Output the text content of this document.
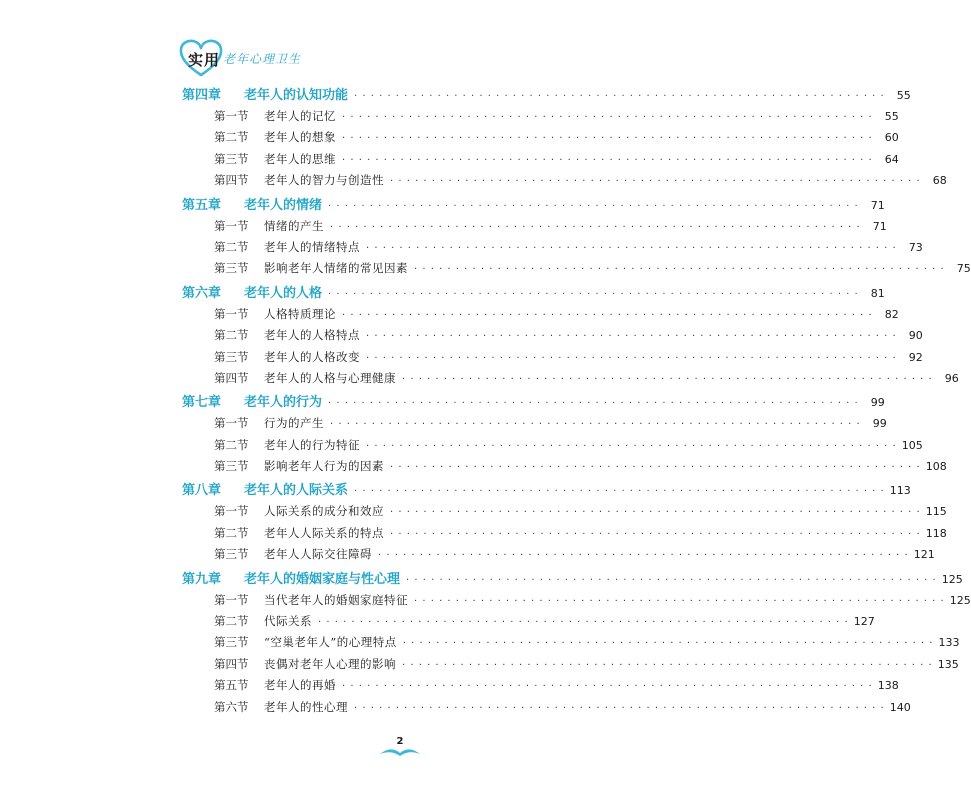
实用 老年心理卫生
第四章	老年人的认知功能 · · · · · · · · · · · · · · · · · · · · · · · · · · · · · · · · · · · · · · · · · · · · · · · · · · · · · · · · · · · · · · · ·	55
第一节	老年人的记忆 · · · · · · · · · · · · · · · · · · · · · · · · · · · · · · · · · · · · · · · · · · · · · · · · · · · · · · · · · · · · · · · ·	55
第二节	老年人的想象 · · · · · · · · · · · · · · · · · · · · · · · · · · · · · · · · · · · · · · · · · · · · · · · · · · · · · · · · · · · · · · · ·	60
第三节	老年人的思维 · · · · · · · · · · · · · · · · · · · · · · · · · · · · · · · · · · · · · · · · · · · · · · · · · · · · · · · · · · · · · · · ·	64
第四节	老年人的智力与创造性 · · · · · · · · · · · · · · · · · · · · · · · · · · · · · · · · · · · · · · · · · · · · · · · · · · · · · · · · · · · · · · · ·	68
第五章	老年人的情绪 · · · · · · · · · · · · · · · · · · · · · · · · · · · · · · · · · · · · · · · · · · · · · · · · · · · · · · · · · · · · · · · ·	71
第一节	情绪的产生 · · · · · · · · · · · · · · · · · · · · · · · · · · · · · · · · · · · · · · · · · · · · · · · · · · · · · · · · · · · · · · · ·	71
第二节	老年人的情绪特点 · · · · · · · · · · · · · · · · · · · · · · · · · · · · · · · · · · · · · · · · · · · · · · · · · · · · · · · · · · · · · · · ·	73
第三节	影响老年人情绪的常见因素 · · · · · · · · · · · · · · · · · · · · · · · · · · · · · · · · · · · · · · · · · · · · · · · · · · · · · · · · · · · · · · · ·	75
第六章	老年人的人格 · · · · · · · · · · · · · · · · · · · · · · · · · · · · · · · · · · · · · · · · · · · · · · · · · · · · · · · · · · · · · · · ·	81
第一节	人格特质理论 · · · · · · · · · · · · · · · · · · · · · · · · · · · · · · · · · · · · · · · · · · · · · · · · · · · · · · · · · · · · · · · ·	82
第二节	老年人的人格特点 · · · · · · · · · · · · · · · · · · · · · · · · · · · · · · · · · · · · · · · · · · · · · · · · · · · · · · · · · · · · · · · ·	90
第三节	老年人的人格改变 · · · · · · · · · · · · · · · · · · · · · · · · · · · · · · · · · · · · · · · · · · · · · · · · · · · · · · · · · · · · · · · ·	92
第四节	老年人的人格与心理健康 · · · · · · · · · · · · · · · · · · · · · · · · · · · · · · · · · · · · · · · · · · · · · · · · · · · · · · · · · · · · · · · ·	96
第七章	老年人的行为 · · · · · · · · · · · · · · · · · · · · · · · · · · · · · · · · · · · · · · · · · · · · · · · · · · · · · · · · · · · · · · · ·	99
第一节	行为的产生 · · · · · · · · · · · · · · · · · · · · · · · · · · · · · · · · · · · · · · · · · · · · · · · · · · · · · · · · · · · · · · · ·	99
第二节	老年人的行为特征 · · · · · · · · · · · · · · · · · · · · · · · · · · · · · · · · · · · · · · · · · · · · · · · · · · · · · · · · · · · · · · · · 105
第三节	影响老年人行为的因素 · · · · · · · · · · · · · · · · · · · · · · · · · · · · · · · · · · · · · · · · · · · · · · · · · · · · · · · · · · · · · · · · 108
第八章	老年人的人际关系 · · · · · · · · · · · · · · · · · · · · · · · · · · · · · · · · · · · · · · · · · · · · · · · · · · · · · · · · · · · · · · · · 113
第一节	人际关系的成分和效应 · · · · · · · · · · · · · · · · · · · · · · · · · · · · · · · · · · · · · · · · · · · · · · · · · · · · · · · · · · · · · · · · 115
第二节	老年人人际关系的特点 · · · · · · · · · · · · · · · · · · · · · · · · · · · · · · · · · · · · · · · · · · · · · · · · · · · · · · · · · · · · · · · · 118
第三节	老年人人际交往障碍 · · · · · · · · · · · · · · · · · · · · · · · · · · · · · · · · · · · · · · · · · · · · · · · · · · · · · · · · · · · · · · · · 121
第九章	老年人的婚姻家庭与性心理 · · · · · · · · · · · · · · · · · · · · · · · · · · · · · · · · · · · · · · · · · · · · · · · · · · · · · · · · · · · · · · · · 125
第一节	当代老年人的婚姻家庭特征 · · · · · · · · · · · · · · · · · · · · · · · · · · · · · · · · · · · · · · · · · · · · · · · · · · · · · · · · · · · · · · · · 125
第二节	代际关系 · · · · · · · · · · · · · · · · · · · · · · · · · · · · · · · · · · · · · · · · · · · · · · · · · · · · · · · · · · · · · · · · 127
第三节	“空巢老年人”的心理特点 · · · · · · · · · · · · · · · · · · · · · · · · · · · · · · · · · · · · · · · · · · · · · · · · · · · · · · · · · · · · · · · · 133
第四节	丧偶对老年人心理的影响 · · · · · · · · · · · · · · · · · · · · · · · · · · · · · · · · · · · · · · · · · · · · · · · · · · · · · · · · · · · · · · · · 135
第五节	老年人的再婚 · · · · · · · · · · · · · · · · · · · · · · · · · · · · · · · · · · · · · · · · · · · · · · · · · · · · · · · · · · · · · · · · 138
第六节	老年人的性心理 · · · · · · · · · · · · · · · · · · · · · · · · · · · · · · · · · · · · · · · · · · · · · · · · · · · · · · · · · · · · · · · · 140
2
